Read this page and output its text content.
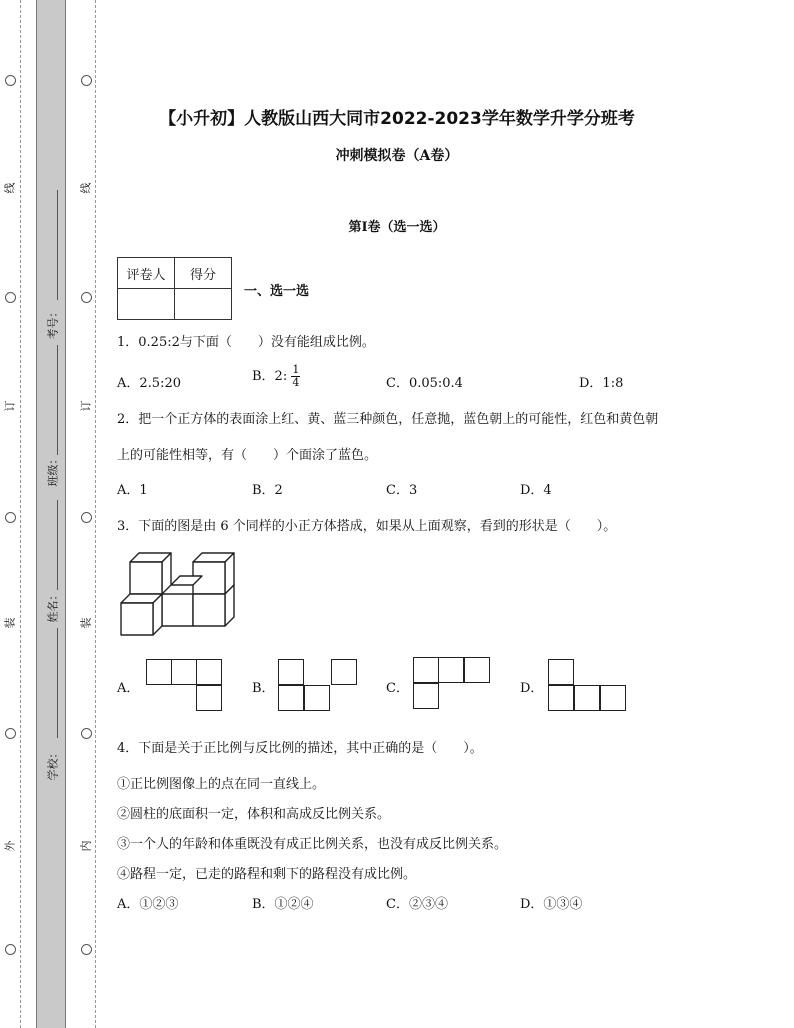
线
订
装
外
线
订
装
内
考号：
班级：
姓名：
学校：
【小升初】人教版山西大同市2022-2023学年数学升学分班考
冲刺模拟卷（A卷）
第Ⅰ卷（选一选）
评卷人	得分

一、选一选
1．0.25:2与下面（　　）没有能组成比例。
A．2.5:20	B．2: $\frac{1}{4}$	C．0.05:0.4	D．1:8
2．把一个正方体的表面涂上红、黄、蓝三种颜色，任意抛，蓝色朝上的可能性，红色和黄色朝
上的可能性相等，有（　　）个面涂了蓝色。
A．1	B．2	C．3	D．4
3．下面的图是由 6 个同样的小正方体搭成，如果从上面观察，看到的形状是（　　）。
A．	B．	C．	D．
4．下面是关于正比例与反比例的描述，其中正确的是（　　）。
①正比例图像上的点在同一直线上。
②圆柱的底面积一定，体积和高成反比例关系。
③一个人的年龄和体重既没有成正比例关系，也没有成反比例关系。
④路程一定，已走的路程和剩下的路程没有成比例。
A．①②③	B．①②④	C．②③④	D．①③④
